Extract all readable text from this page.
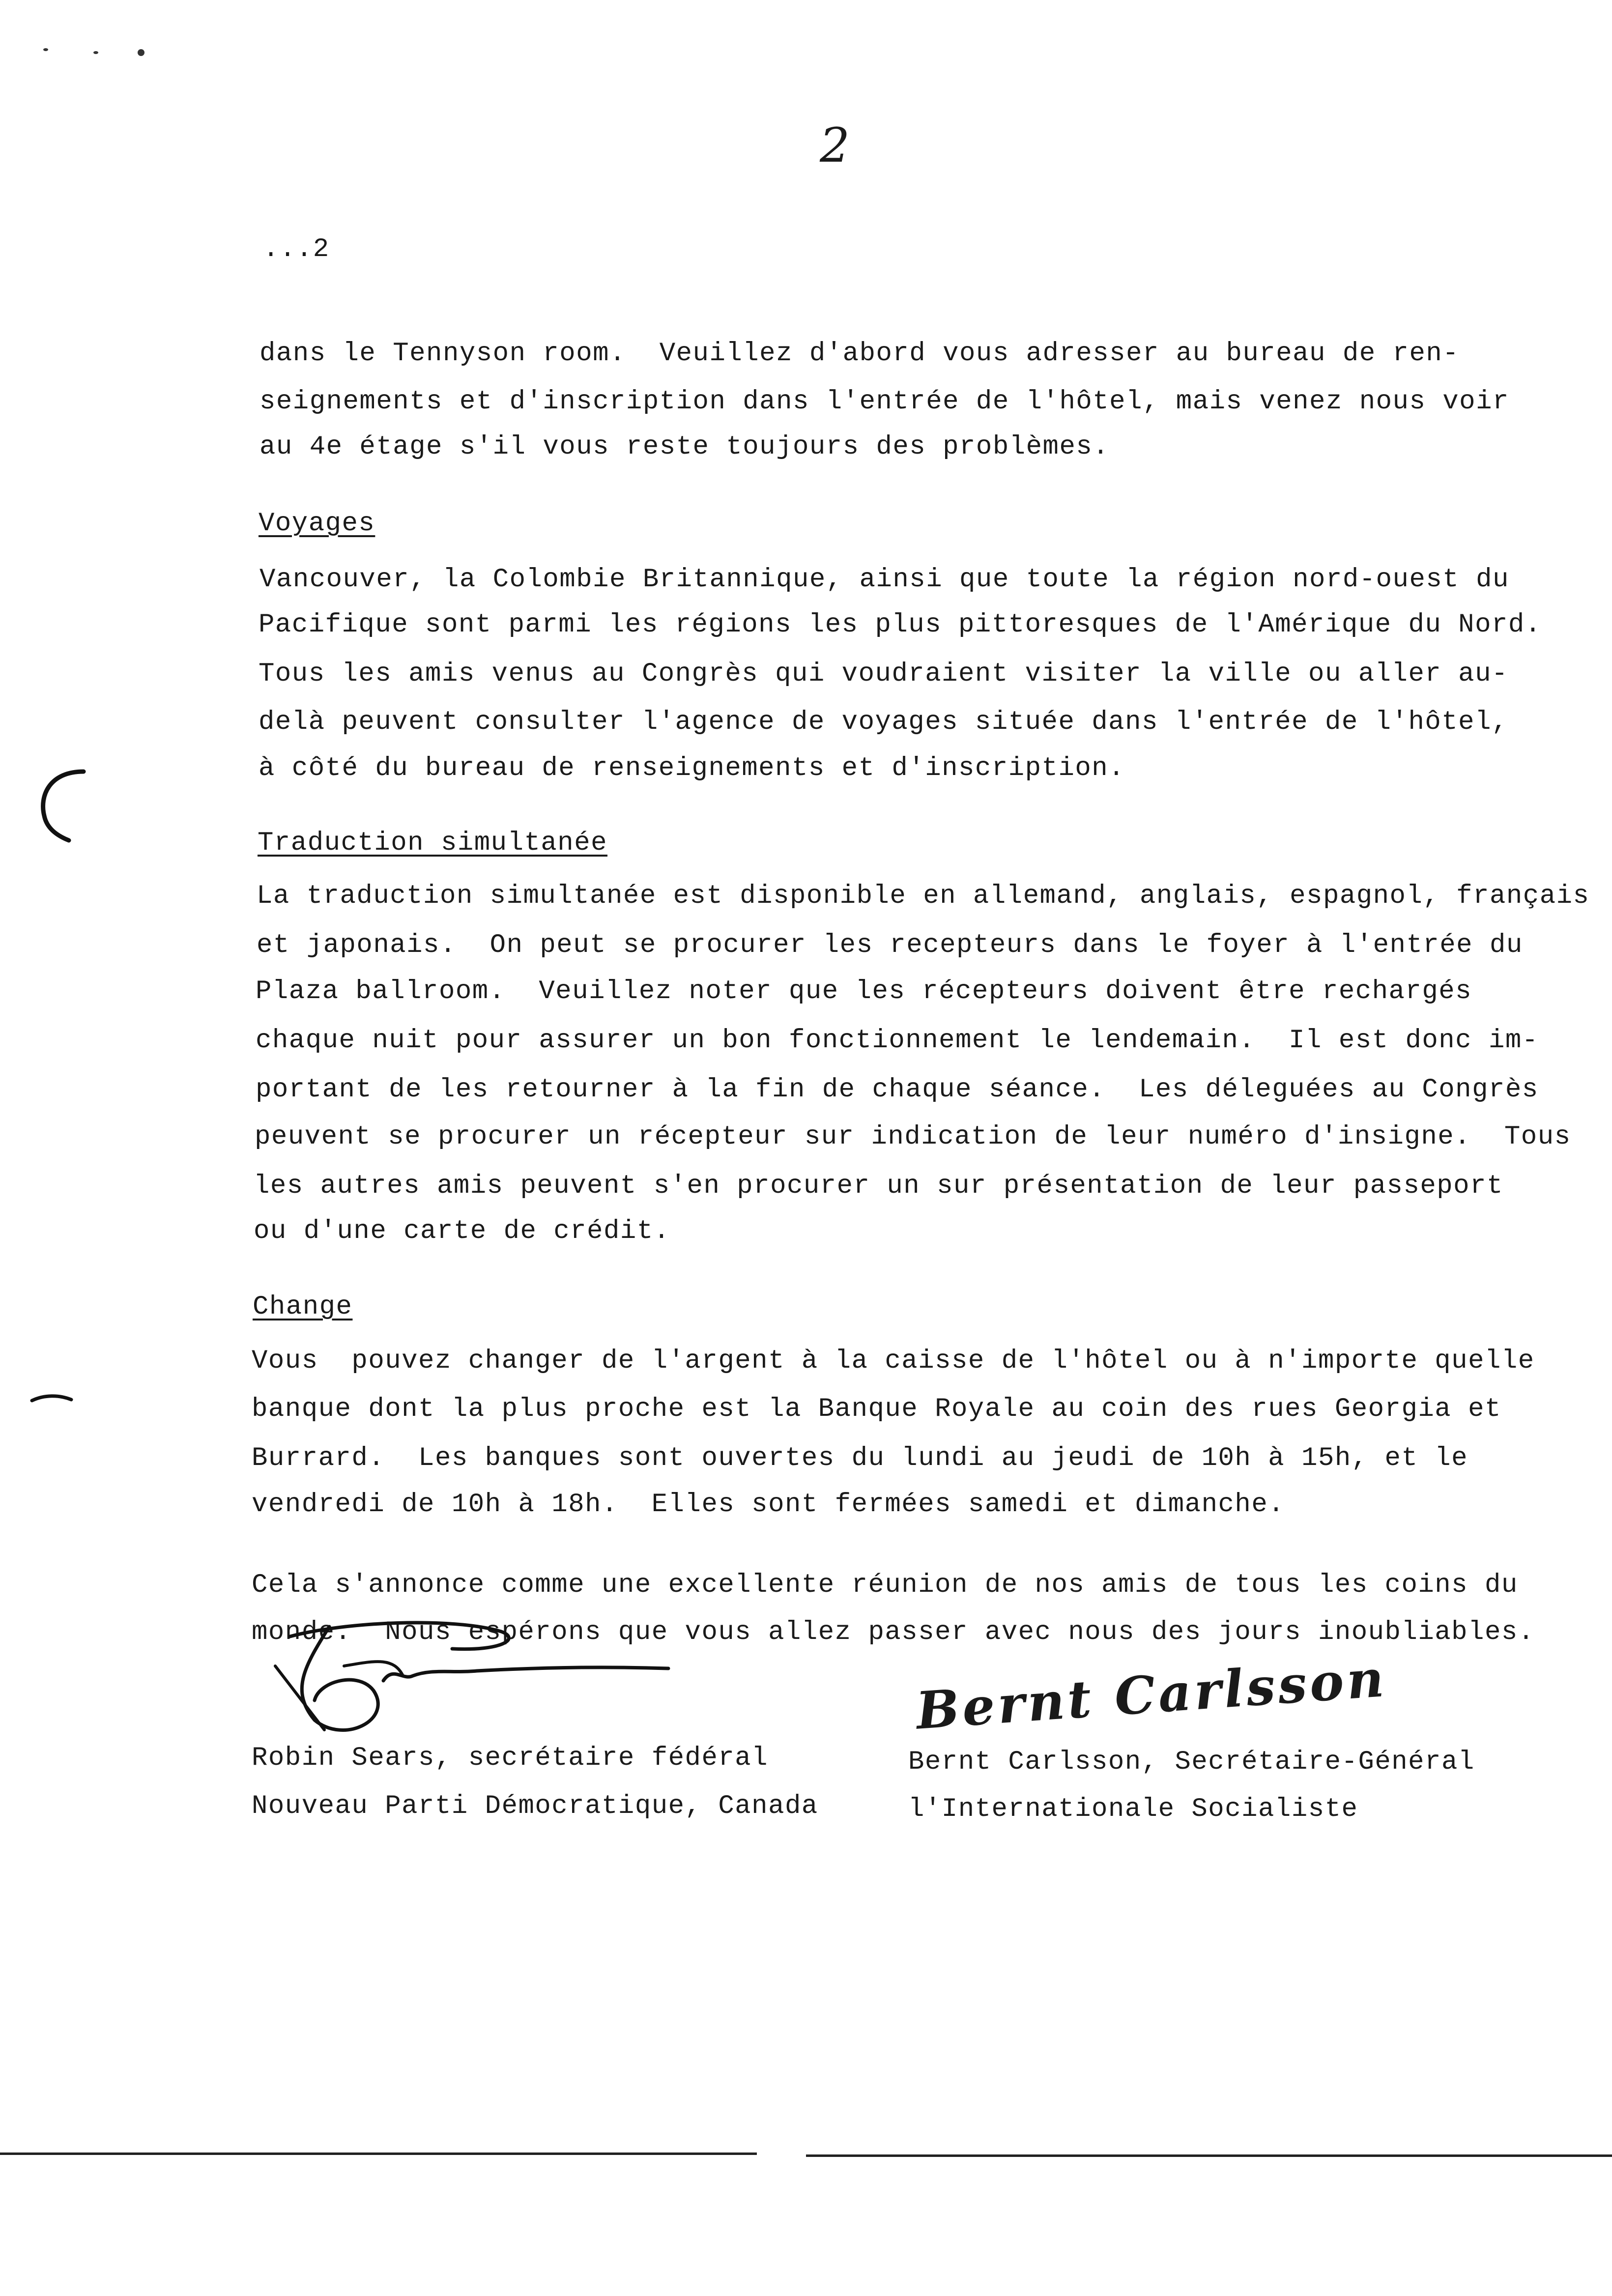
2
...2
dans le Tennyson room.  Veuillez d'abord vous adresser au bureau de ren-
seignements et d'inscription dans l'entrée de l'hôtel, mais venez nous voir
au 4e étage s'il vous reste toujours des problèmes.
Voyages
Vancouver, la Colombie Britannique, ainsi que toute la région nord-ouest du
Pacifique sont parmi les régions les plus pittoresques de l'Amérique du Nord.
Tous les amis venus au Congrès qui voudraient visiter la ville ou aller au-
delà peuvent consulter l'agence de voyages située dans l'entrée de l'hôtel,
à côté du bureau de renseignements et d'inscription.
Traduction simultanée
La traduction simultanée est disponible en allemand, anglais, espagnol, français
et japonais.  On peut se procurer les recepteurs dans le foyer à l'entrée du
Plaza ballroom.  Veuillez noter que les récepteurs doivent être rechargés
chaque nuit pour assurer un bon fonctionnement le lendemain.  Il est donc im-
portant de les retourner à la fin de chaque séance.  Les déleguées au Congrès
peuvent se procurer un récepteur sur indication de leur numéro d'insigne.  Tous
les autres amis peuvent s'en procurer un sur présentation de leur passeport
ou d'une carte de crédit.
Change
Vous  pouvez changer de l'argent à la caisse de l'hôtel ou à n'importe quelle
banque dont la plus proche est la Banque Royale au coin des rues Georgia et
Burrard.  Les banques sont ouvertes du lundi au jeudi de 10h à 15h, et le
vendredi de 10h à 18h.  Elles sont fermées samedi et dimanche.
Cela s'annonce comme une excellente réunion de nos amis de tous les coins du
monde.  Nous espérons que vous allez passer avec nous des jours inoubliables.
Bernt Carlsson
Robin Sears, secrétaire fédéral
Nouveau Parti Démocratique, Canada
Bernt Carlsson, Secrétaire-Général
l'Internationale Socialiste
